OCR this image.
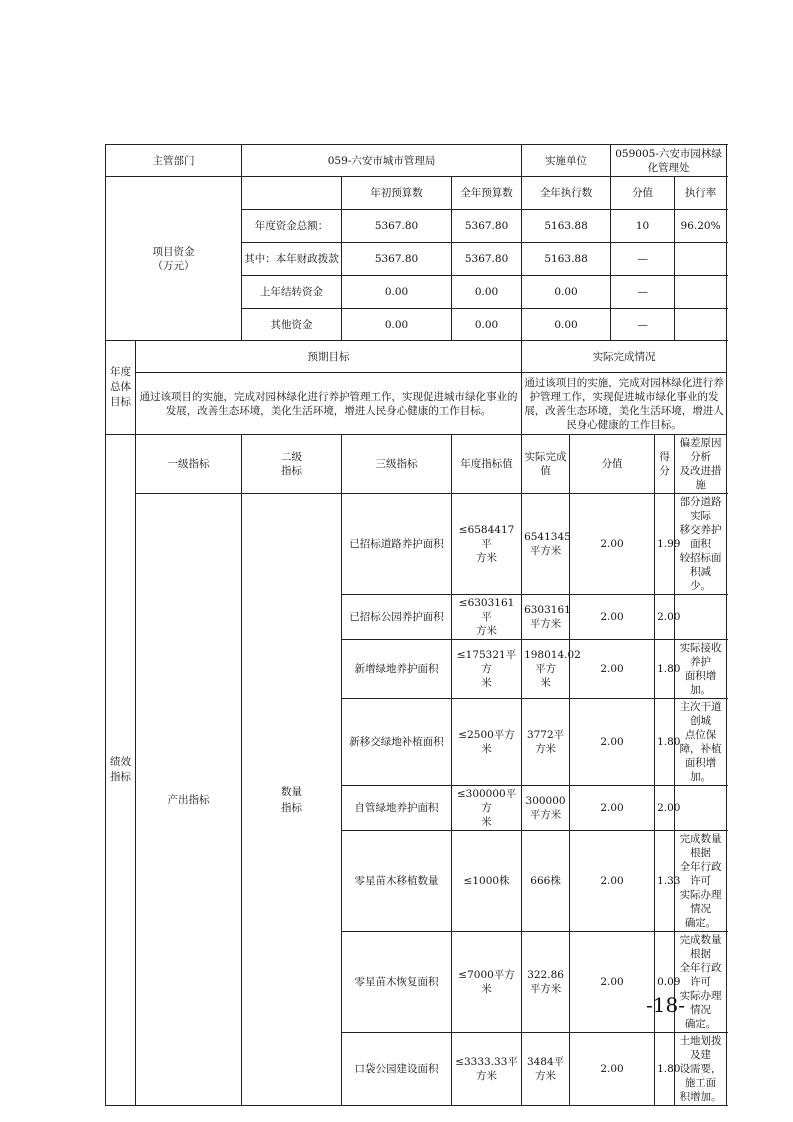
主管部门		059-六安市城市管理局			实施单位		059005-六安市园林绿化管理处			
项目资金
（万元）			年初预算数	全年预算数	全年执行数		分值		执行率	
		年度资金总额：	5367.80	5367.80	5163.88		10		96.20%	
		其中：本年财政拨款	5367.80	5367.80	5163.88		—			
		上年结转资金	0.00	0.00	0.00		—			
		其他资金	0.00	0.00	0.00		—			
年度
总体
目标	预期目标				实际完成情况					
	通过该项目的实施，完成对园林绿化进行养护管理工作，实现促进城市绿化事业的发展，改善生态环境，美化生活环境，增进人民身心健康的工作目标。				通过该项目的实施，完成对园林绿化进行养护管理工作，实现促进城市绿化事业的发展，改善生态环境，美化生活环境，增进人民身心健康的工作目标。					
绩效
指标	一级指标	二级
指标	三级指标	年度指标值	实际完成值	分值		得分	偏差原因分析
及改进措施	
	产出指标	数量
指标	已招标道路养护面积	≤6584417平
方米	6541345平方米	2.00		1.99	部分道路实际
移交养护面积
较招标面积减
少。	
			已招标公园养护面积	≤6303161平
方米	6303161平方米	2.00		2.00		
			新增绿地养护面积	≤175321平方
米	198014.02平方
米	2.00		1.80	实际接收养护
面积增加。	
			新移交绿地补植面积	≤2500平方米	3772平方米	2.00		1.80	主次干道创城
点位保障，补植
面积增加。	
			自管绿地养护面积	≤300000平方
米	300000平方米	2.00		2.00		
			零星苗木移植数量	≤1000株	666株	2.00		1.33	完成数量根据
全年行政许可
实际办理情况
确定。	
			零星苗木恢复面积	≤7000平方米	322.86平方米	2.00		0.09	完成数量根据
全年行政许可
实际办理情况
确定。	
			口袋公园建设面积	≤3333.33平
方米	3484平方米	2.00		1.80	土地划拨及建
设需要，施工面
积增加。	
-18-
